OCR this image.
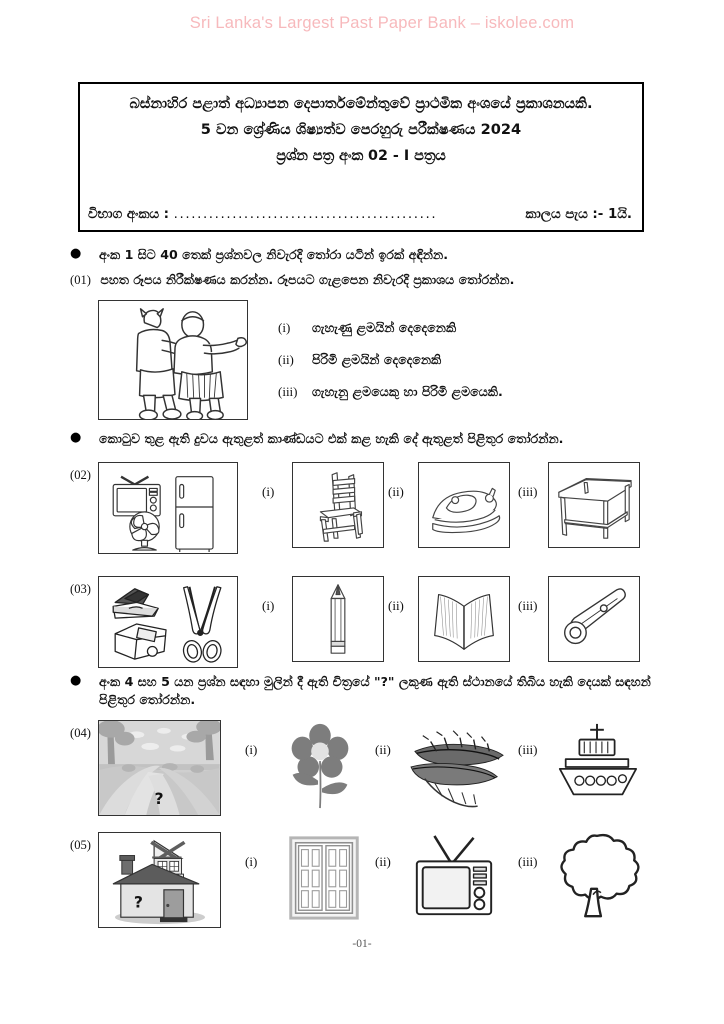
Sri Lanka's Largest Past Paper Bank – iskolee.com
බස්නාහිර පළාත් අධ්‍යාපන දෙපාර්තමේන්තුවේ ප්‍රාථමික අංශයේ ප්‍රකාශනයකි.
5 වන ශ්‍රේණිය ශිෂ්‍යත්ව පෙරහුරු පරීක්ෂණය 2024
ප්‍රශ්න පත්‍ර අංක 02 - I පත්‍රය
විභාග අංකය : .............................................	කාලය පැය :- 1යි.
●	අංක 1 සිට 40 තෙක් ප්‍රශ්නවල නිවැරදි තෝරා යටින් ඉරක් අඳින්න.
(01) පහත රූපය නිරීක්ෂණය කරන්න. රූපයට ගැළපෙන නිවැරදි ප්‍රකාශය තෝරන්න.
(i) ගැහැණු ළමයින් දෙදෙනෙකි
(ii) පිරිමි ළමයින් දෙදෙනෙකි
(iii) ගැහැනු ළමයෙකු හා පිරිමි ළමයෙකි.
●	කොටුව තුළ ඇති දුවය ඇතුළත් කාණ්ඩයට එක් කළ හැකි දේ ඇතුළත් පිළිතුර තෝරන්න.
(02)
(i)	(ii)	(iii)
(03)
(i)	(ii)	(iii)
●	අංක 4 සහ 5 යන ප්‍රශ්න සඳහා මුලින් දී ඇති චිත්‍රයේ "?" ලකුණ ඇති ස්ථානයේ තිබිය හැකි දෙයක් සඳහන් පිළිතුර තෝරන්න.
(04)
?
(i)	(ii)	(iii)
(05)
?
(i)	(ii)	(iii)
-01-
